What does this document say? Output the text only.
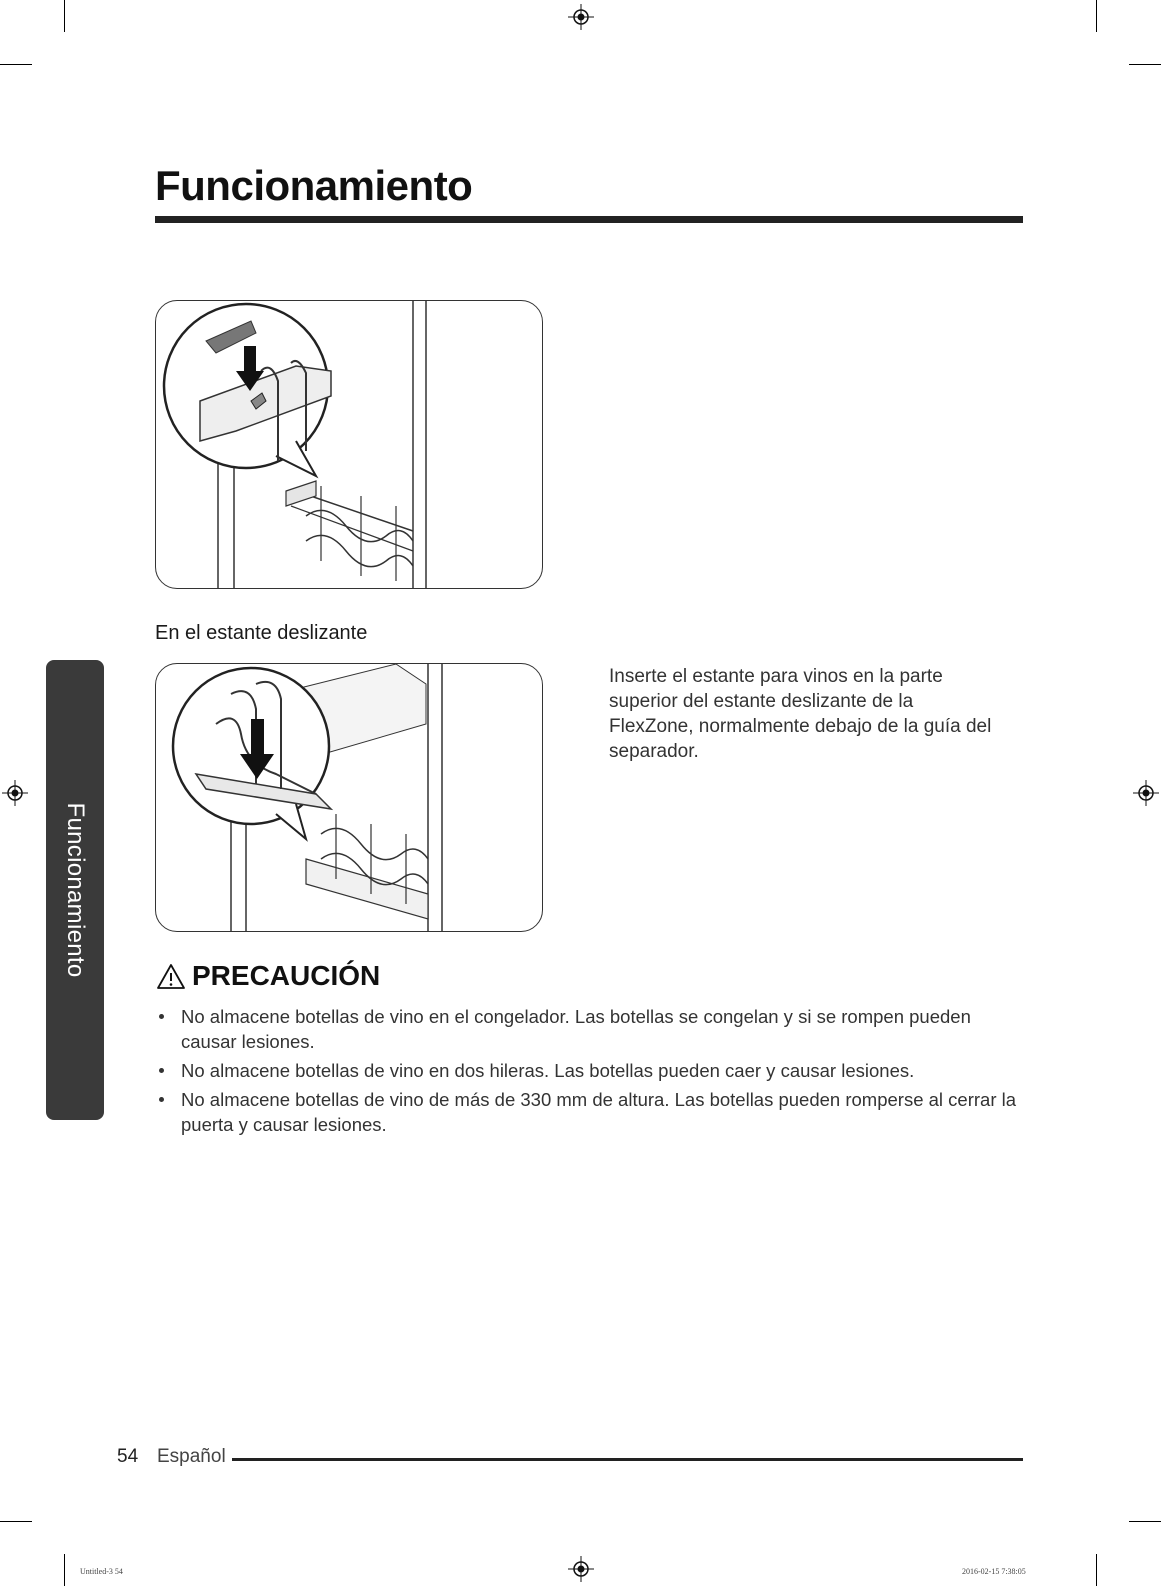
Funcionamiento
Funcionamiento
En el estante deslizante
Inserte el estante para vinos en la parte superior del estante deslizante de la FlexZone, normalmente debajo de la guía del separador.
PRECAUCIÓN
No almacene botellas de vino en el congelador. Las botellas se congelan y si se rompen pueden causar lesiones.
No almacene botellas de vino en dos hileras. Las botellas pueden caer y causar lesiones.
No almacene botellas de vino de más de 330 mm de altura. Las botellas pueden romperse al cerrar la puerta y causar lesiones.
54 Español
Untitled-3 54	2016-02-15 7:38:05
